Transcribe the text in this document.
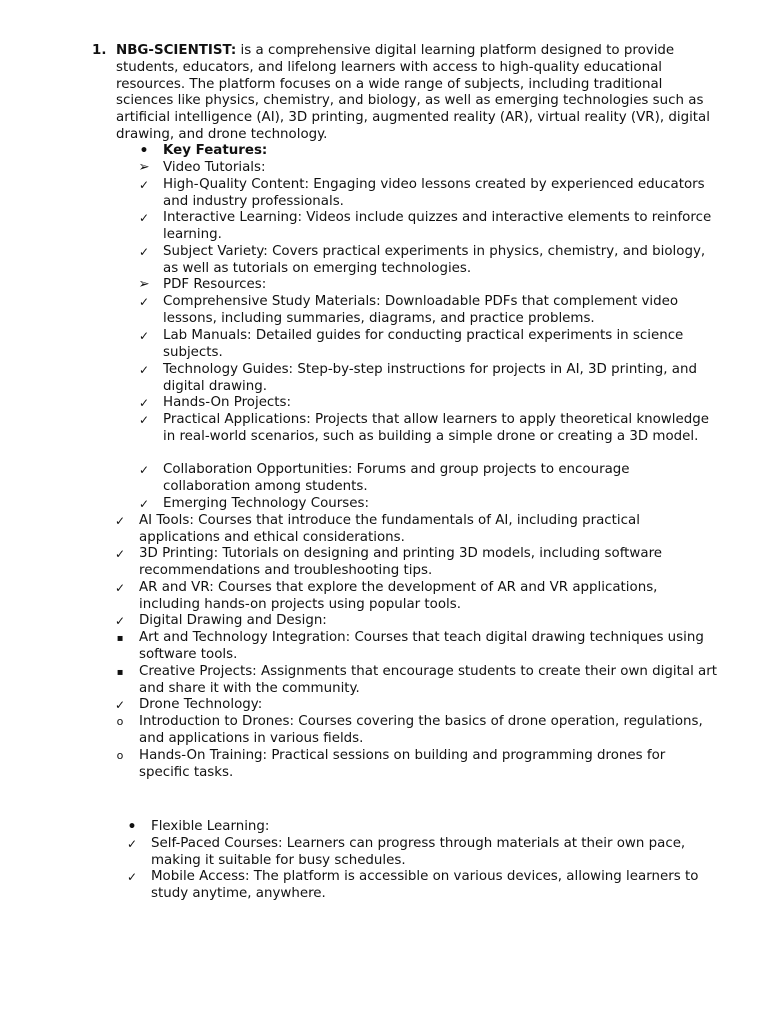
1. NBG-SCIENTIST: is a comprehensive digital learning platform designed to provide students, educators, and lifelong learners with access to high-quality educational resources. The platform focuses on a wide range of subjects, including traditional sciences like physics, chemistry, and biology, as well as emerging technologies such as artificial intelligence (AI), 3D printing, augmented reality (AR), virtual reality (VR), digital drawing, and drone technology.
• Key Features:
➢ Video Tutorials:
✓ High-Quality Content: Engaging video lessons created by experienced educators and industry professionals.
✓ Interactive Learning: Videos include quizzes and interactive elements to reinforce learning.
✓ Subject Variety: Covers practical experiments in physics, chemistry, and biology, as well as tutorials on emerging technologies.
➢ PDF Resources:
✓ Comprehensive Study Materials: Downloadable PDFs that complement video lessons, including summaries, diagrams, and practice problems.
✓ Lab Manuals: Detailed guides for conducting practical experiments in science subjects.
✓ Technology Guides: Step-by-step instructions for projects in AI, 3D printing, and digital drawing.
✓ Hands-On Projects:
✓ Practical Applications: Projects that allow learners to apply theoretical knowledge in real-world scenarios, such as building a simple drone or creating a 3D model.
✓ Collaboration Opportunities: Forums and group projects to encourage collaboration among students.
✓ Emerging Technology Courses:
✓ AI Tools: Courses that introduce the fundamentals of AI, including practical applications and ethical considerations.
✓ 3D Printing: Tutorials on designing and printing 3D models, including software recommendations and troubleshooting tips.
✓ AR and VR: Courses that explore the development of AR and VR applications, including hands-on projects using popular tools.
✓ Digital Drawing and Design:
▪ Art and Technology Integration: Courses that teach digital drawing techniques using software tools.
▪ Creative Projects: Assignments that encourage students to create their own digital art and share it with the community.
✓ Drone Technology:
o Introduction to Drones: Courses covering the basics of drone operation, regulations, and applications in various fields.
o Hands-On Training: Practical sessions on building and programming drones for specific tasks.
• Flexible Learning:
✓ Self-Paced Courses: Learners can progress through materials at their own pace, making it suitable for busy schedules.
✓ Mobile Access: The platform is accessible on various devices, allowing learners to study anytime, anywhere.
